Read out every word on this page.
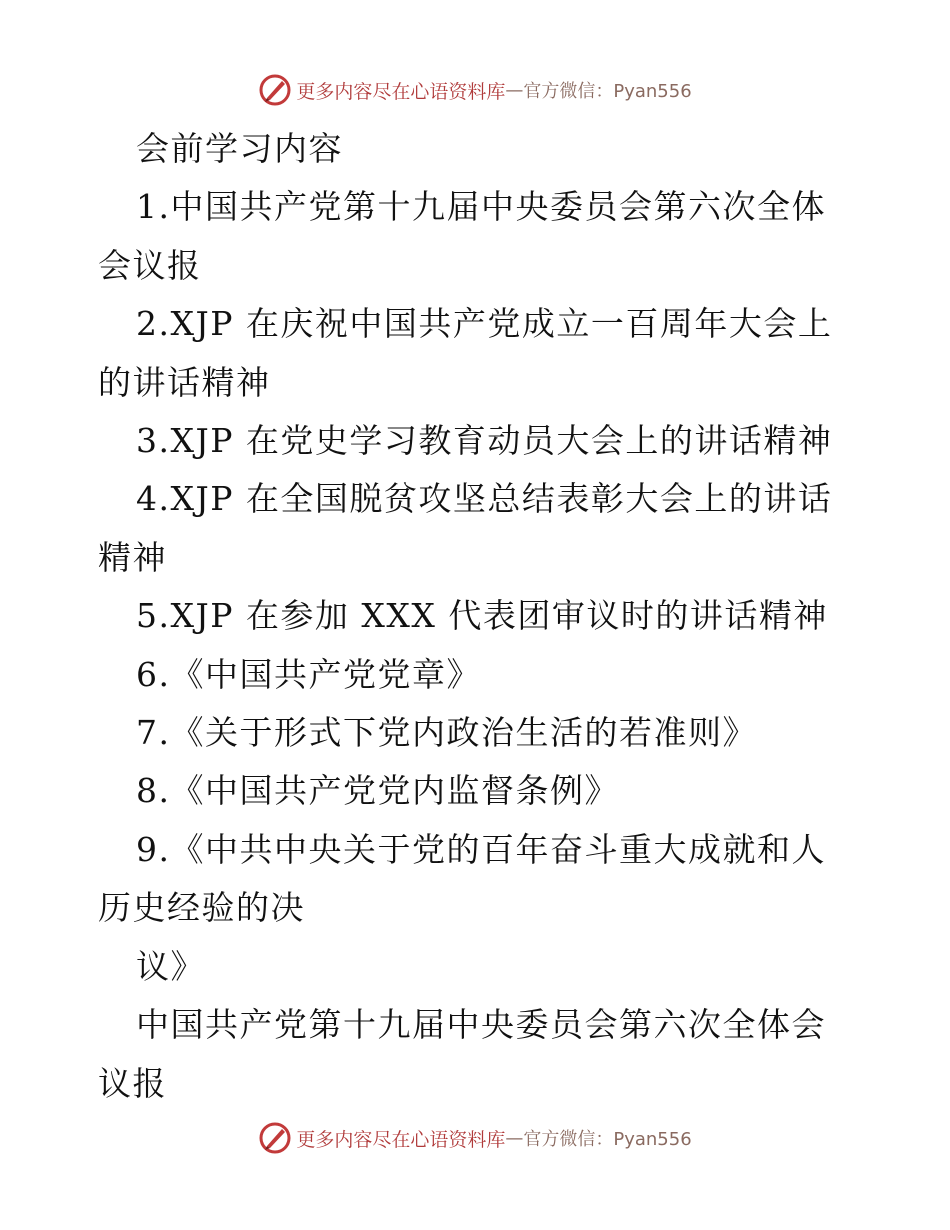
更多内容尽在心语资料库 — 官方微信：Pyan556

会前学习内容

1.中国共产党第十九届中央委员会第六次全体会议报

2.XJP 在庆祝中国共产党成立一百周年大会上的讲话精神

3.XJP 在党史学习教育动员大会上的讲话精神

4.XJP 在全国脱贫攻坚总结表彰大会上的讲话精神

5.XJP 在参加 XXX 代表团审议时的讲话精神

6.《中国共产党党章》

7.《关于形式下党内政治生活的若准则》

8.《中国共产党党内监督条例》

9.《中共中央关于党的百年奋斗重大成就和人历史经验的决

议》

中国共产党第十九届中央委员会第六次全体会议报

更多内容尽在心语资料库 — 官方微信：Pyan556
